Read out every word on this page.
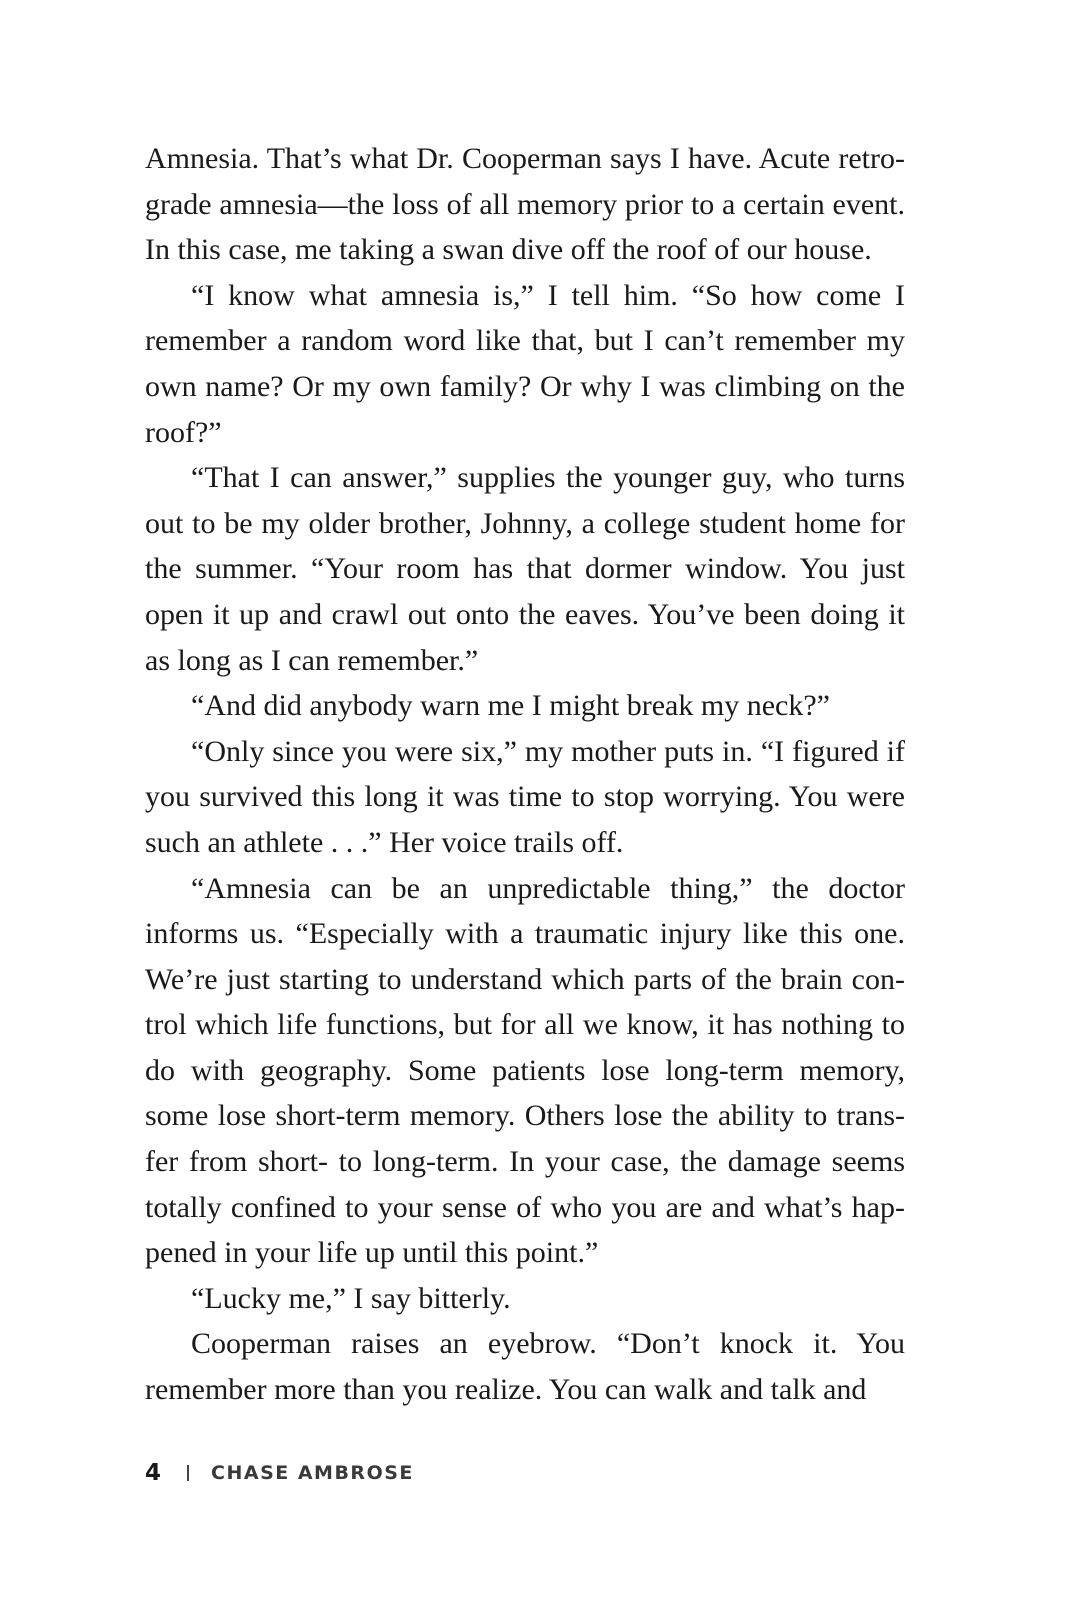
Amnesia. That’s what Dr. Cooperman says I have. Acute retrograde amnesia—the loss of all memory prior to a certain event. In this case, me taking a swan dive off the roof of our house.

“I know what amnesia is,” I tell him. “So how come I remember a random word like that, but I can’t remember my own name? Or my own family? Or why I was climbing on the roof?”

“That I can answer,” supplies the younger guy, who turns out to be my older brother, Johnny, a college student home for the summer. “Your room has that dormer window. You just open it up and crawl out onto the eaves. You’ve been doing it as long as I can remember.”

“And did anybody warn me I might break my neck?”

“Only since you were six,” my mother puts in. “I figured if you survived this long it was time to stop worrying. You were such an athlete . . .” Her voice trails off.

“Amnesia can be an unpredictable thing,” the doctor informs us. “Especially with a traumatic injury like this one. We’re just starting to understand which parts of the brain control which life functions, but for all we know, it has nothing to do with geography. Some patients lose long-term memory, some lose short-term memory. Others lose the ability to transfer from short- to long-term. In your case, the damage seems totally confined to your sense of who you are and what’s happened in your life up until this point.”

“Lucky me,” I say bitterly.

Cooperman raises an eyebrow. “Don’t knock it. You remember more than you realize. You can walk and talk and

4	CHASE AMBROSE
